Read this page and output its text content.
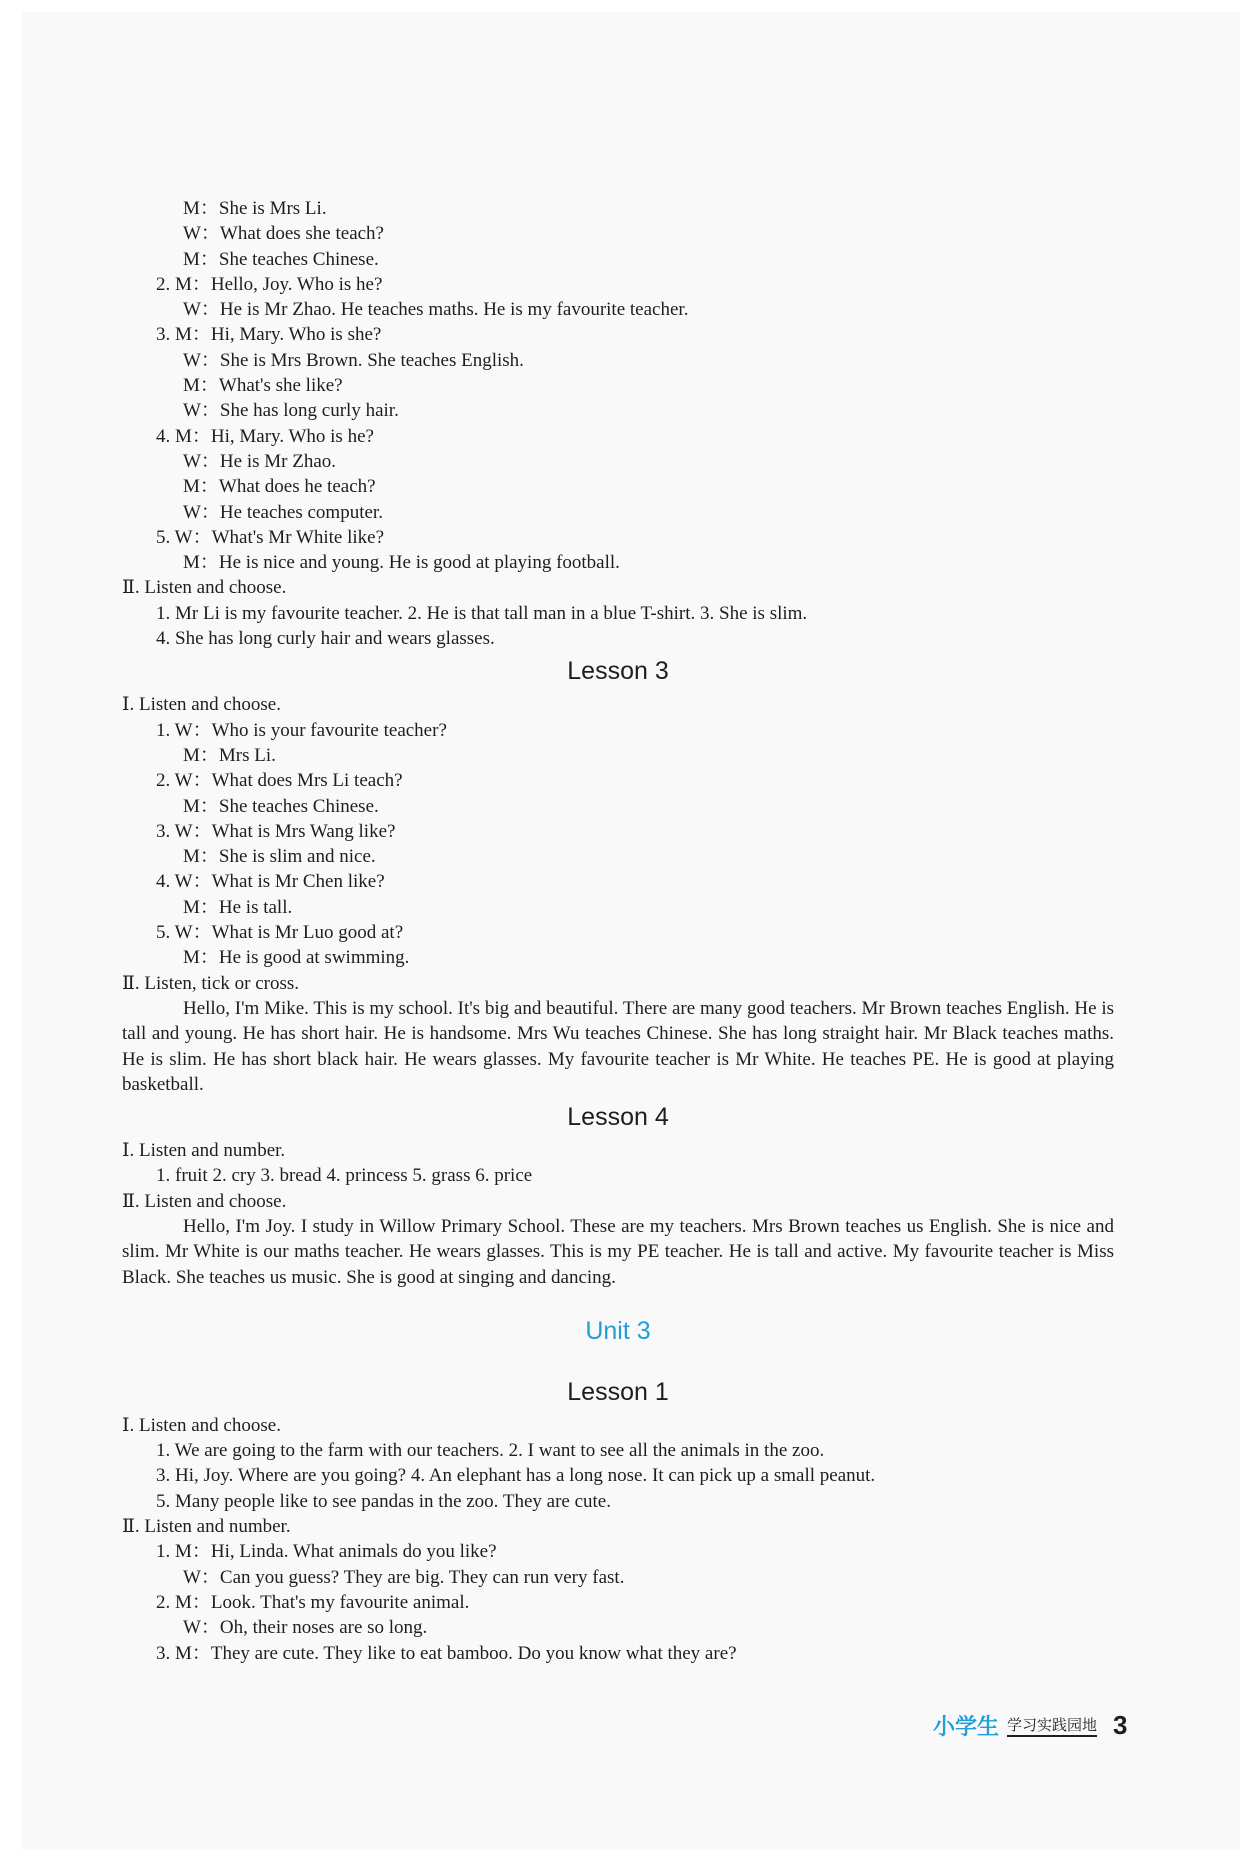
M：She is Mrs Li.
W：What does she teach?
M：She teaches Chinese.
2. M：Hello, Joy. Who is he?
W：He is Mr Zhao. He teaches maths. He is my favourite teacher.
3. M：Hi, Mary. Who is she?
W：She is Mrs Brown. She teaches English.
M：What's she like?
W：She has long curly hair.
4. M：Hi, Mary. Who is he?
W：He is Mr Zhao.
M：What does he teach?
W：He teaches computer.
5. W：What's Mr White like?
M：He is nice and young. He is good at playing football.
Ⅱ. Listen and choose.
1. Mr Li is my favourite teacher. 2. He is that tall man in a blue T-shirt. 3. She is slim.
4. She has long curly hair and wears glasses.
Lesson 3
Ⅰ. Listen and choose.
1. W：Who is your favourite teacher?
M：Mrs Li.
2. W：What does Mrs Li teach?
M：She teaches Chinese.
3. W：What is Mrs Wang like?
M：She is slim and nice.
4. W：What is Mr Chen like?
M：He is tall.
5. W：What is Mr Luo good at?
M：He is good at swimming.
Ⅱ. Listen, tick or cross.
Hello, I'm Mike. This is my school. It's big and beautiful. There are many good teachers. Mr Brown teaches English. He is tall and young. He has short hair. He is handsome. Mrs Wu teaches Chinese. She has long straight hair. Mr Black teaches maths. He is slim. He has short black hair. He wears glasses. My favourite teacher is Mr White. He teaches PE. He is good at playing basketball.
Lesson 4
Ⅰ. Listen and number.
1. fruit 2. cry 3. bread 4. princess 5. grass 6. price
Ⅱ. Listen and choose.
Hello, I'm Joy. I study in Willow Primary School. These are my teachers. Mrs Brown teaches us English. She is nice and slim. Mr White is our maths teacher. He wears glasses. This is my PE teacher. He is tall and active. My favourite teacher is Miss Black. She teaches us music. She is good at singing and dancing.
Unit 3
Lesson 1
Ⅰ. Listen and choose.
1. We are going to the farm with our teachers. 2. I want to see all the animals in the zoo.
3. Hi, Joy. Where are you going? 4. An elephant has a long nose. It can pick up a small peanut.
5. Many people like to see pandas in the zoo. They are cute.
Ⅱ. Listen and number.
1. M：Hi, Linda. What animals do you like?
W：Can you guess? They are big. They can run very fast.
2. M：Look. That's my favourite animal.
W：Oh, their noses are so long.
3. M：They are cute. They like to eat bamboo. Do you know what they are?
小学生 学习实践园地 3
